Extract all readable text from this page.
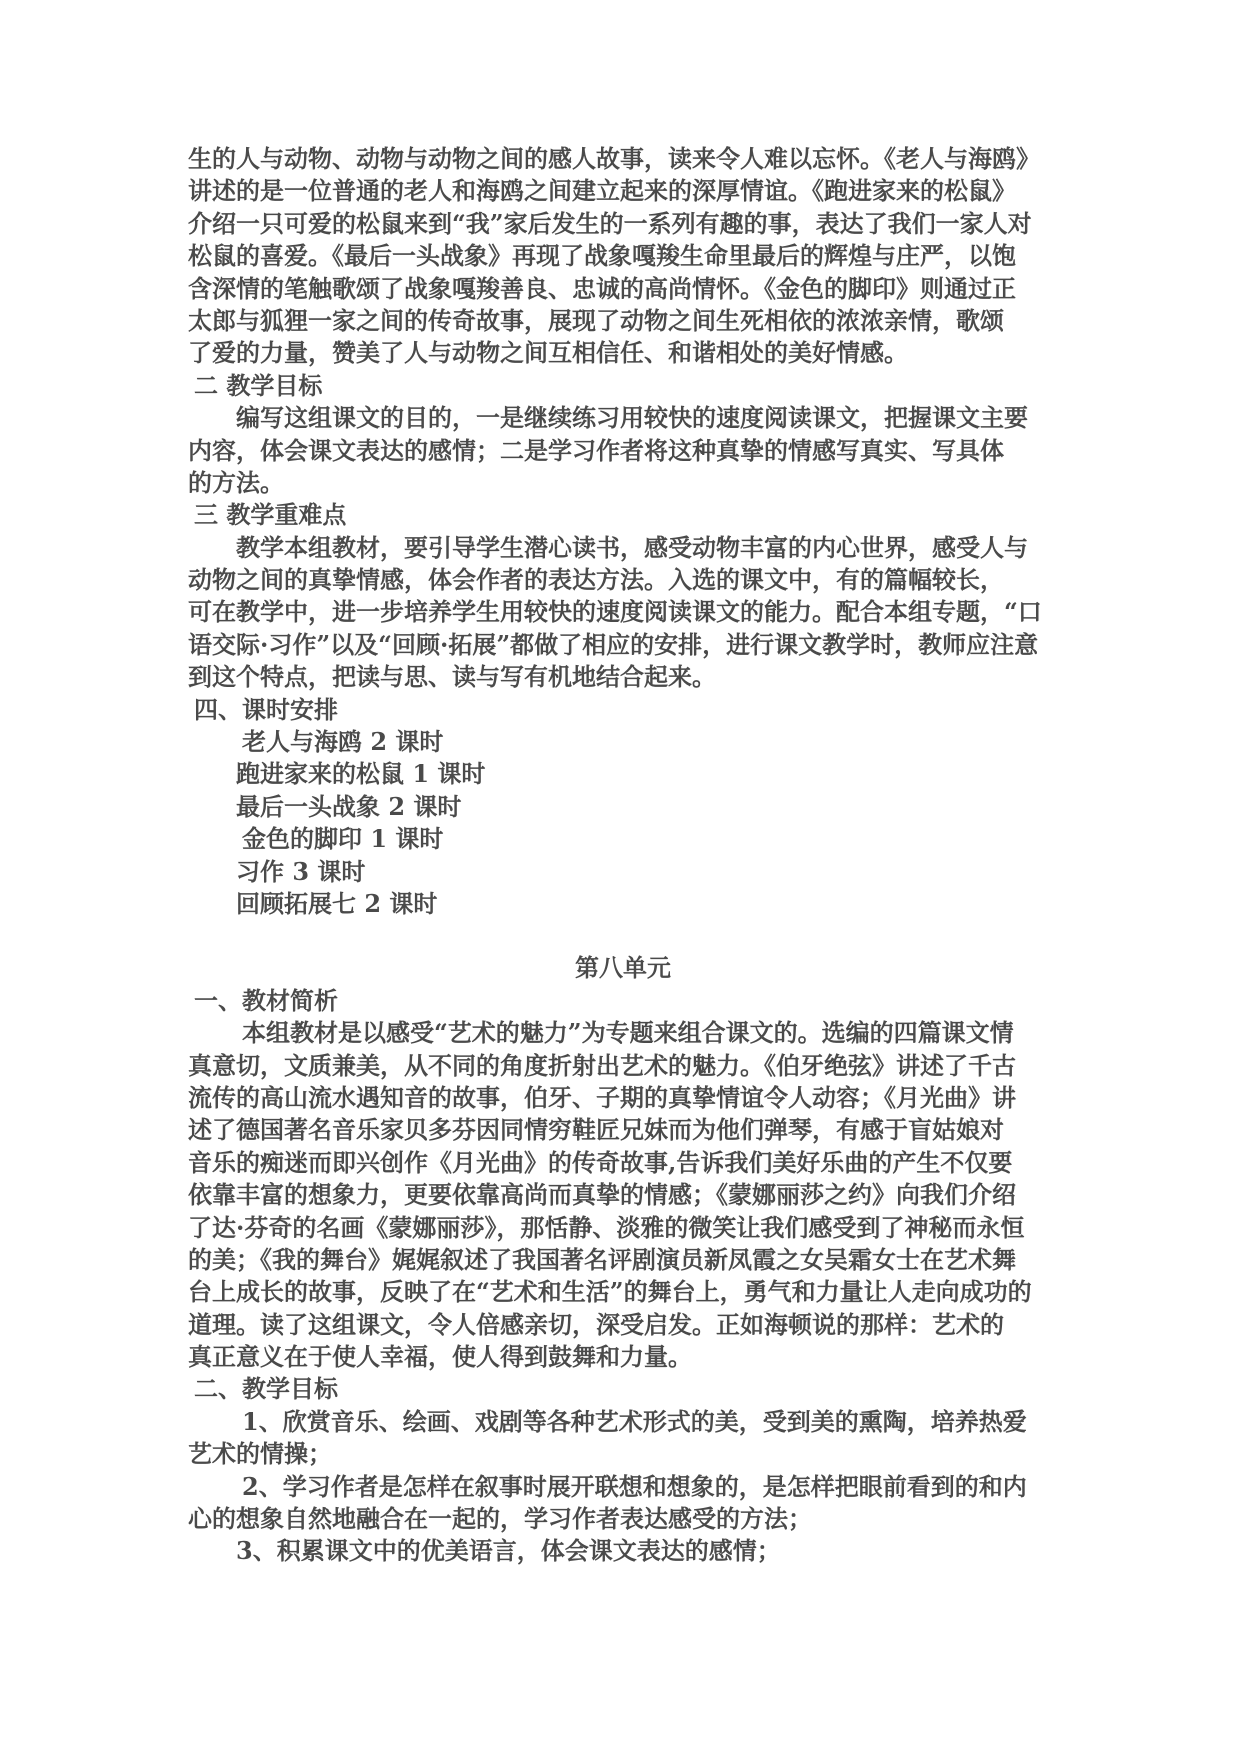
生的人与动物、动物与动物之间的感人故事，读来令人难以忘怀。《老人与海鸥》
讲述的是一位普通的老人和海鸥之间建立起来的深厚情谊。《跑进家来的松鼠》
介绍一只可爱的松鼠来到“我”家后发生的一系列有趣的事，表达了我们一家人对
松鼠的喜爱。《最后一头战象》再现了战象嘎羧生命里最后的辉煌与庄严，以饱
含深情的笔触歌颂了战象嘎羧善良、忠诚的高尚情怀。《金色的脚印》则通过正
太郎与狐狸一家之间的传奇故事，展现了动物之间生死相依的浓浓亲情，歌颂
了爱的力量，赞美了人与动物之间互相信任、和谐相处的美好情感。
二 教学目标
编写这组课文的目的，一是继续练习用较快的速度阅读课文，把握课文主要
内容，体会课文表达的感情；二是学习作者将这种真挚的情感写真实、写具体
的方法。
三 教学重难点
教学本组教材，要引导学生潜心读书，感受动物丰富的内心世界，感受人与
动物之间的真挚情感，体会作者的表达方法。入选的课文中，有的篇幅较长，
可在教学中，进一步培养学生用较快的速度阅读课文的能力。配合本组专题，“口
语交际·习作”以及“回顾·拓展”都做了相应的安排，进行课文教学时，教师应注意
到这个特点，把读与思、读与写有机地结合起来。
四、课时安排
老人与海鸥 2 课时
跑进家来的松鼠 1 课时
最后一头战象 2 课时
金色的脚印 1 课时
习作 3 课时
回顾拓展七 2 课时
第八单元
一、教材简析
本组教材是以感受“艺术的魅力”为专题来组合课文的。选编的四篇课文情
真意切，文质兼美，从不同的角度折射出艺术的魅力。《伯牙绝弦》讲述了千古
流传的高山流水遇知音的故事，伯牙、子期的真挚情谊令人动容；《月光曲》讲
述了德国著名音乐家贝多芬因同情穷鞋匠兄妹而为他们弹琴，有感于盲姑娘对
音乐的痴迷而即兴创作《月光曲》的传奇故事,告诉我们美好乐曲的产生不仅要
依靠丰富的想象力，更要依靠高尚而真挚的情感；《蒙娜丽莎之约》向我们介绍
了达·芬奇的名画《蒙娜丽莎》，那恬静、淡雅的微笑让我们感受到了神秘而永恒
的美；《我的舞台》娓娓叙述了我国著名评剧演员新凤霞之女吴霜女士在艺术舞
台上成长的故事，反映了在“艺术和生活”的舞台上，勇气和力量让人走向成功的
道理。读了这组课文，令人倍感亲切，深受启发。正如海顿说的那样：艺术的
真正意义在于使人幸福，使人得到鼓舞和力量。
二、教学目标
1、欣赏音乐、绘画、戏剧等各种艺术形式的美，受到美的熏陶，培养热爱
艺术的情操；
2、学习作者是怎样在叙事时展开联想和想象的，是怎样把眼前看到的和内
心的想象自然地融合在一起的，学习作者表达感受的方法；
3、积累课文中的优美语言，体会课文表达的感情；
